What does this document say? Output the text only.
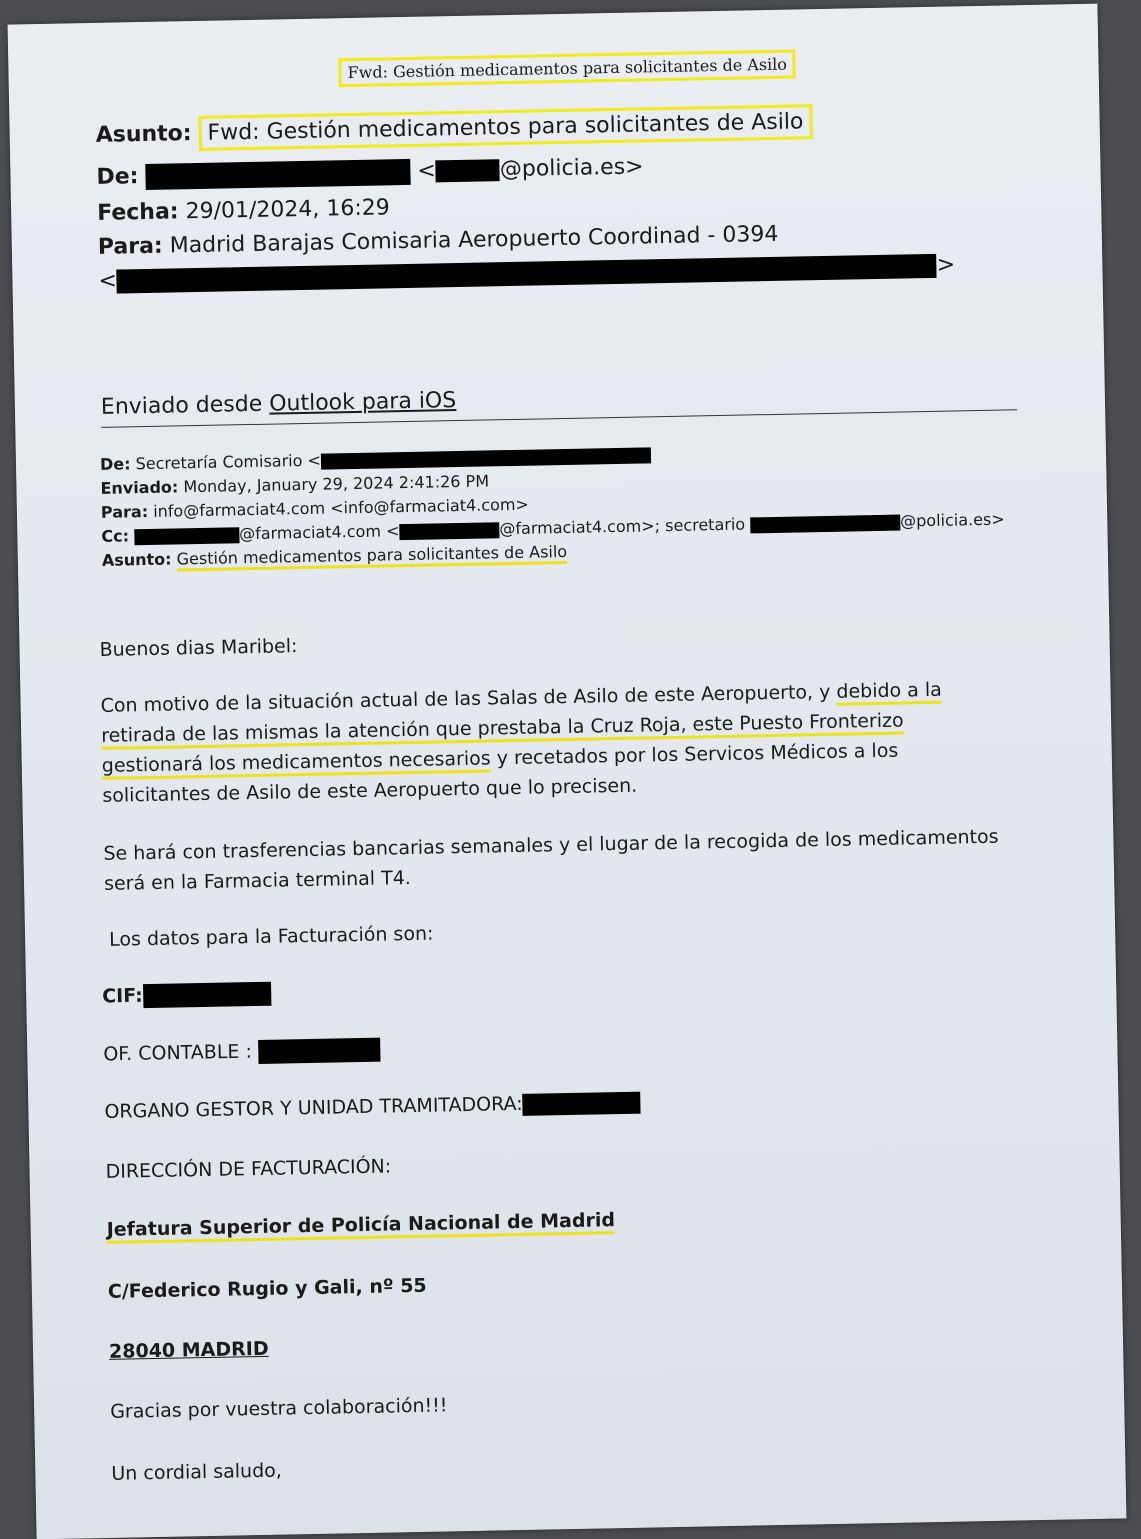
Fwd: Gestión medicamentos para solicitantes de Asilo
Asunto: Fwd: Gestión medicamentos para solicitantes de Asilo
De:	<	@policia.es>
Fecha: 29/01/2024, 16:29
Para: Madrid Barajas Comisaria Aeropuerto Coordinad - 0394
<>
Enviado desde Outlook para iOS
De: Secretaría Comisario <
Enviado: Monday, January 29, 2024 2:41:26 PM
Para: info@farmaciat4.com <info@farmaciat4.com>
Cc:	@farmaciat4.com <	@farmaciat4.com>; secretario	@policia.es>
Asunto: Gestión medicamentos para solicitantes de Asilo
Buenos dias Maribel:
Con motivo de la situación actual de las Salas de Asilo de este Aeropuerto, y debido a la
retirada de las mismas la atención que prestaba la Cruz Roja, este Puesto Fronterizo
gestionará los medicamentos necesarios y recetados por los Servicos Médicos a los
solicitantes de Asilo de este Aeropuerto que lo precisen.
Se hará con trasferencias bancarias semanales y el lugar de la recogida de los medicamentos
será en la Farmacia terminal T4.
Los datos para la Facturación son:
CIF:
OF. CONTABLE :
ORGANO GESTOR Y UNIDAD TRAMITADORA:
DIRECCIÓN DE FACTURACIÓN:
Jefatura Superior de Policía Nacional de Madrid
C/Federico Rugio y Gali, nº 55
28040 MADRID
Gracias por vuestra colaboración!!!
Un cordial saludo,
